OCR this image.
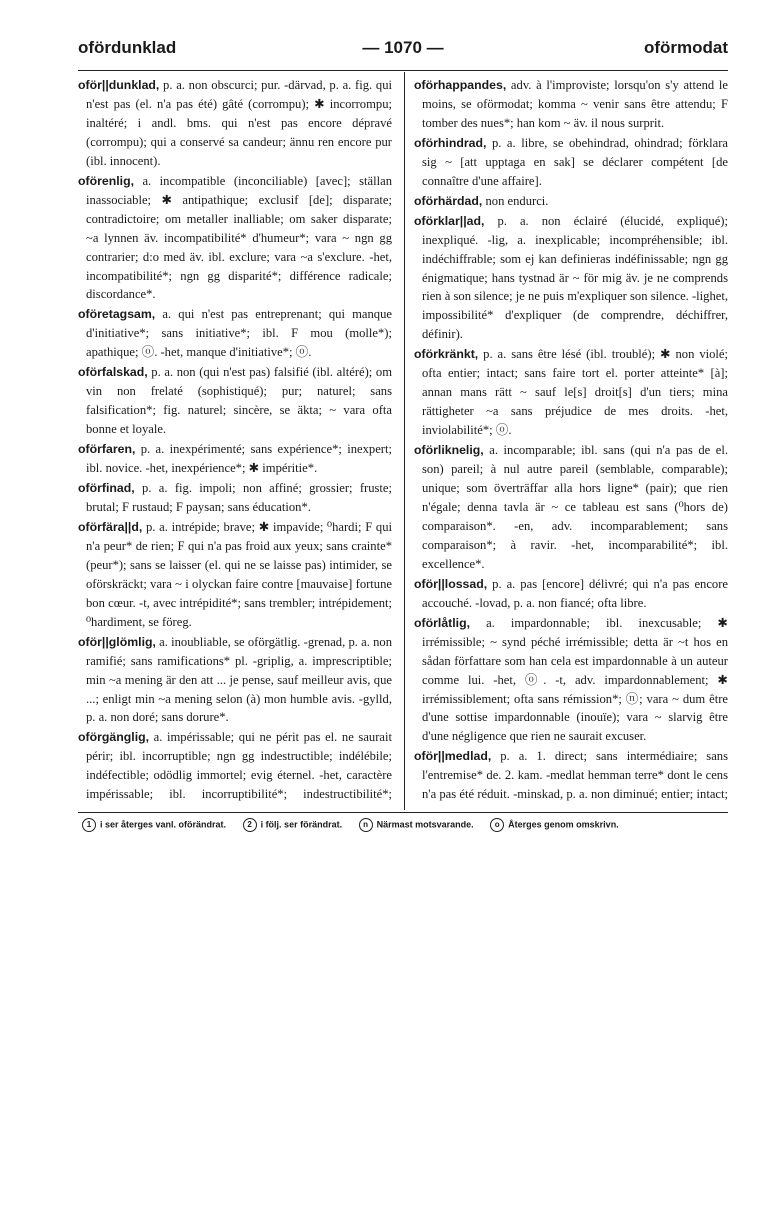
ofördunklad	— 1070 —	oförmodat

oför||dunklad, p. a. non obscurci; pur. -därvad, p. a. fig. qui n'est pas (el. n'a pas été) gâté (corrompu); ✱ incorrompu; inaltéré; i andl. bms. qui n'est pas encore dépravé (corrompu); qui a conservé sa candeur; ännu ren encore pur (ibl. innocent).

oförenlig, a. incompatible (inconciliable) [avec]; ställan inassociable; ✱ antipathique; exclusif [de]; disparate; contradictoire; om metaller inalliable; om saker disparate; ~a lynnen äv. incompatibilité* d'humeur*; vara ~ ngn gg contrarier; d:o med äv. ibl. exclure; vara ~a s'exclure. -het, incompatibilité*; ngn gg disparité*; différence radicale; discordance*.

oföretagsam, a. qui n'est pas entreprenant; qui manque d'initiative*; sans initiative*; ibl. F mou (molle*); apathique; ⓞ. -het, manque d'initiative*; ⓞ.

oförfalskad, p. a. non (qui n'est pas) falsifié (ibl. altéré); om vin non frelaté (sophistiqué); pur; naturel; sans falsification*; fig. naturel; sincère, se äkta; ~ vara ofta bonne et loyale.

oförfaren, p. a. inexpérimenté; sans expérience*; inexpert; ibl. novice. -het, inexpérience*; ✱ impéritie*.

oförfinad, p. a. fig. impoli; non affiné; grossier; fruste; brutal; F rustaud; F paysan; sans éducation*.

oförfära||d, p. a. intrépide; brave; ✱ impavide; ⁰hardi; F qui n'a peur* de rien; F qui n'a pas froid aux yeux; sans crainte* (peur*); sans se laisser (el. qui ne se laisse pas) intimider, se oförskräckt; vara ~ i olyckan faire contre [mauvaise] fortune bon cœur. -t, avec intrépidité*; sans trembler; intrépidement; ⁰hardiment, se föreg.

oför||glömlig, a. inoubliable, se oförgätlig. -grenad, p. a. non ramifié; sans ramifications* pl. -griplig, a. imprescriptible; min ~a mening är den att ... je pense, sauf meilleur avis, que ...; enligt min ~a mening selon (à) mon humble avis. -gylld, p. a. non doré; sans dorure*.

oförgänglig, a. impérissable; qui ne périt pas el. ne saurait périr; ibl. incorruptible; ngn gg indestructible; indélébile; indéfectible; odödlig immortel; evig éternel. -het, caractère impérissable; ibl. incorruptibilité*; indestructibilité*;

oförhappandes, adv. à l'improviste; lorsqu'on s'y attend le moins, se oförmodat; komma ~ venir sans être attendu; F tomber des nues*; han kom ~ äv. il nous surprit.

oförhindrad, p. a. libre, se obehindrad, ohindrad; förklara sig ~ [att upptaga en sak] se déclarer compétent [de connaître d'une affaire].

oförhärdad, non endurci.

oförklar||ad, p. a. non éclairé (élucidé, expliqué); inexpliqué. -lig, a. inexplicable; incompréhensible; ibl. indéchiffrable; som ej kan definieras indéfinissable; ngn gg énigmatique; hans tystnad är ~ för mig äv. je ne comprends rien à son silence; je ne puis m'expliquer son silence. -lighet, impossibilité* d'expliquer (de comprendre, déchiffrer, définir).

oförkränkt, p. a. sans être lésé (ibl. troublé); ✱ non violé; ofta entier; intact; sans faire tort el. porter atteinte* [à]; annan mans rätt ~ sauf le[s] droit[s] d'un tiers; mina rättigheter ~a sans préjudice de mes droits. -het, inviolabilité*; ⓞ.

oförliknelig, a. incomparable; ibl. sans (qui n'a pas de el. son) pareil; à nul autre pareil (semblable, comparable); unique; som överträffar alla hors ligne* (pair); que rien n'égale; denna tavla är ~ ce tableau est sans (⁰hors de) comparaison*. -en, adv. incomparablement; sans comparaison*; à ravir. -het, incomparabilité*; ibl. excellence*.

oför||lossad, p. a. pas [encore] délivré; qui n'a pas encore accouché. -lovad, p. a. non fiancé; ofta libre.

oförlåtlig, a. impardonnable; ibl. inexcusable; ✱ irrémissible; ~ synd péché irrémissible; detta är ~t hos en sådan författare som han cela est impardonnable à un auteur comme lui. -het, ⓞ. -t, adv. impardonnablement; ✱ irrémissiblement; ofta sans rémission*; ⓝ; vara ~ dum être d'une sottise impardonnable (inouïe); vara ~ slarvig être d'une négligence que rien ne saurait excuser.

oför||medlad, p. a. 1. direct; sans intermédiaire; sans l'entremise* de. 2. kam. -medlat hemman terre* dont le cens n'a pas été réduit. -minskad, p. a. non diminué; entier; intact;

1 i ser återges vanl. oförändrat.	2 i följ. ser förändrat.	n Närmast motsvarande.	o Återges genom omskrivn.
